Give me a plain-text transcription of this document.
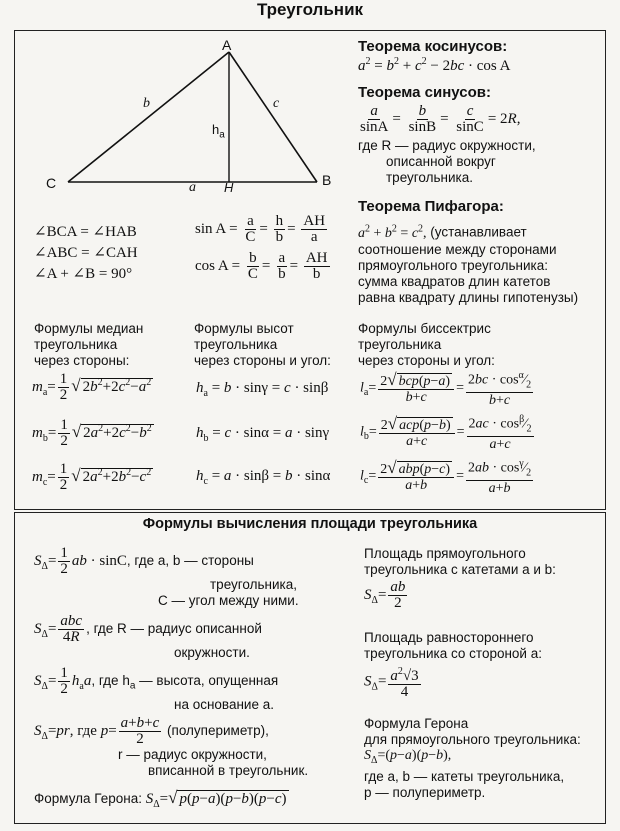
Треугольник
A
B
C	H
a
b	c
$h_a$
∠BCA = ∠HAB
∠ABC = ∠CAH
∠A + ∠B = 90°
$\sin A = \frac{a}{C} = \frac{h}{b} = \frac{AH}{a}$
$\cos A = \frac{b}{C} = \frac{a}{b} = \frac{AH}{b}$
Теорема косинусов:
$a^2 = b^2 + c^2 - 2bc \cdot \cos A$
Теорема синусов:
$\frac{a}{\sin A} = \frac{b}{\sin B} = \frac{c}{\sin C} = 2R$,
где R — радиус окружности,
описанной вокруг
треугольника.
Теорема Пифагора:
$a^2 + b^2 = c^2$, (устанавливает
соотношение между сторонами
прямоугольного треугольника:
сумма квадратов длин катетов
равна квадрату длины гипотенузы)
Формулы медиан
треугольника
через стороны:
Формулы высот
треугольника
через стороны и угол:
Формулы биссектрис
треугольника
через стороны и угол:
$m_a= \frac{1}{2}$ √ $2b^2+2c^2-a^2$
$m_b= \frac{1}{2}$ √ $2a^2+2c^2-b^2$
$m_c= \frac{1}{2}$ √ $2a^2+2b^2-c^2$
$h_a = b \cdot \sin\gamma = c \cdot \sin\beta$
$h_b = c \cdot \sin\alpha = a \cdot \sin\gamma$
$h_c = a \cdot \sin\beta = b \cdot \sin\alpha$
$l_a= 2√$ bcp(p−a)
b+c
= $\frac{2bc \cdot \cos^\alpha⁄_2}{b+c}$
$l_b= 2√$ acp(p−b)
a+c
= $\frac{2ac \cdot \cos^\beta⁄_2}{a+c}$
$l_c= 2√$ abp(p−c)
a+b
= $\frac{2ab \cdot \cos^\gamma⁄_2}{a+b}$
Формулы вычисления площади треугольника
$S_\Delta= \frac{1}{2}$ ab · sinC, где a, b — стороны
треугольника,
C — угол между ними.
$S_\Delta=$ abc
4R
, где R — радиус описанной
окружности.
$S_\Delta= \frac{1}{2} h_aa$, где $h_a$ — высота, опущенная
на основание a.
$S_\Delta=pr$, где $p= \frac{a+b+c}{2}$ (полупериметр),
r — радиус окружности,
вписанной в треугольник.
Формула Герона: $S_\Delta=√$ p(p−a)(p−b)(p−c)
Площадь прямоугольного
треугольника с катетами a и b:
$S_\Delta= \frac{ab}{2}$
Площадь равностороннего
треугольника со стороной a:
$S_\Delta= \frac{a^2√3}{4}$
Формула Герона
для прямоугольного треугольника:
$S_\Delta=(p-a)(p-b)$,
где a, b — катеты треугольника,
p — полупериметр.
